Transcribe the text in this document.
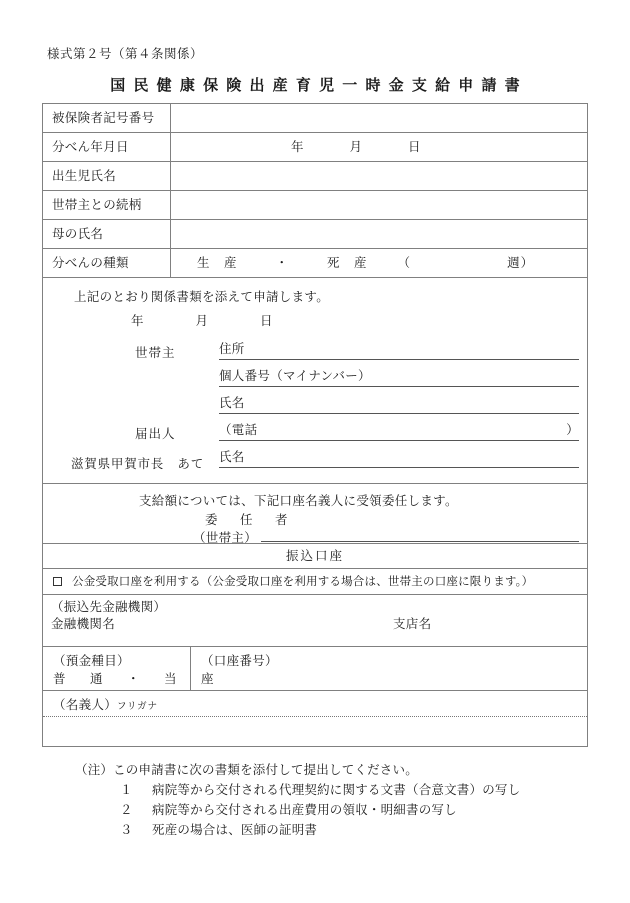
様式第２号（第４条関係）
国民健康保険出産育児一時金支給申請書
被保険者記号番号
分べん年月日	年月日
出生児氏名
世帯主との続柄
母の氏名
分べんの種類	生　産	・	死　産 （	週）
上記のとおり関係書類を添えて申請します。
年月日
世帯主	住所
個人番号（マイナンバー）
氏名
（電話	）
届出人
氏名
滋賀県甲賀市長　あて
支給額については、下記口座名義人に受領委任します。
委　任　者
（世帯主）
振込口座
公金受取口座を利用する（公金受取口座を利用する場合は、世帯主の口座に限ります。）
（振込先金融機関）
金融機関名	支店名
（預金種目）
普　通　・　当　座
（口座番号）
（名義人）フリガナ
（注）この申請書に次の書類を添付して提出してください。
１ 病院等から交付される代理契約に関する文書（合意文書）の写し
２ 病院等から交付される出産費用の領収・明細書の写し
３ 死産の場合は、医師の証明書
